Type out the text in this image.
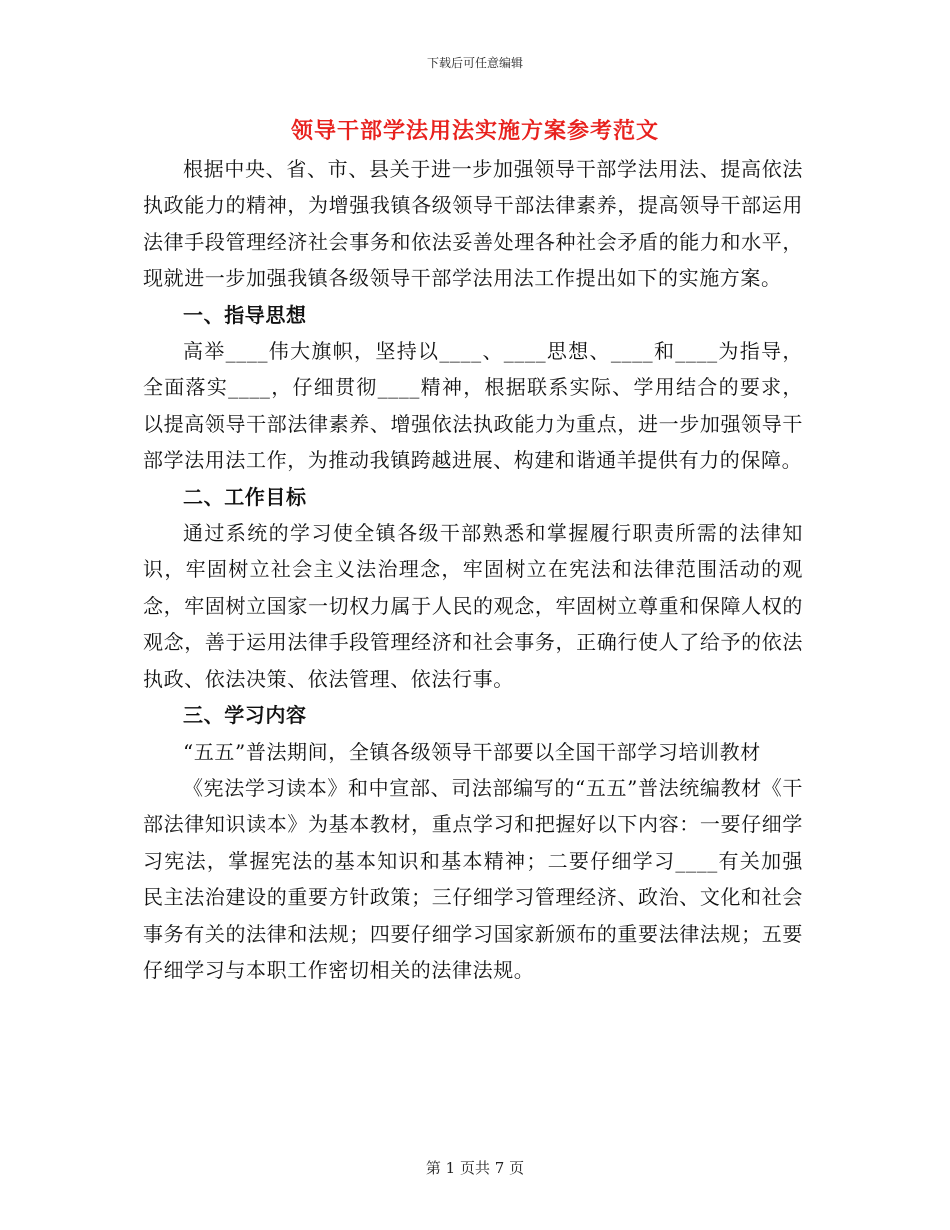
下载后可任意编辑
领导干部学法用法实施方案参考范文

根据中央、省、市、县关于进一步加强领导干部学法用法、提高依法执政能力的精神，为增强我镇各级领导干部法律素养，提高领导干部运用法律手段管理经济社会事务和依法妥善处理各种社会矛盾的能力和水平，现就进一步加强我镇各级领导干部学法用法工作提出如下的实施方案。

一、指导思想

高举____伟大旗帜，坚持以____、____思想、____和____为指导，全面落实____，仔细贯彻____精神，根据联系实际、学用结合的要求，以提高领导干部法律素养、增强依法执政能力为重点，进一步加强领导干部学法用法工作，为推动我镇跨越进展、构建和谐通羊提供有力的保障。

二、工作目标

通过系统的学习使全镇各级干部熟悉和掌握履行职责所需的法律知识，牢固树立社会主义法治理念，牢固树立在宪法和法律范围活动的观念，牢固树立国家一切权力属于人民的观念，牢固树立尊重和保障人权的观念，善于运用法律手段管理经济和社会事务，正确行使人了给予的依法执政、依法决策、依法管理、依法行事。

三、学习内容

“五五”普法期间，全镇各级领导干部要以全国干部学习培训教材

《宪法学习读本》和中宣部、司法部编写的“五五”普法统编教材《干部法律知识读本》为基本教材，重点学习和把握好以下内容：一要仔细学习宪法，掌握宪法的基本知识和基本精神；二要仔细学习____有关加强民主法治建设的重要方针政策；三仔细学习管理经济、政治、文化和社会事务有关的法律和法规；四要仔细学习国家新颁布的重要法律法规；五要仔细学习与本职工作密切相关的法律法规。

第 1 页共 7 页
